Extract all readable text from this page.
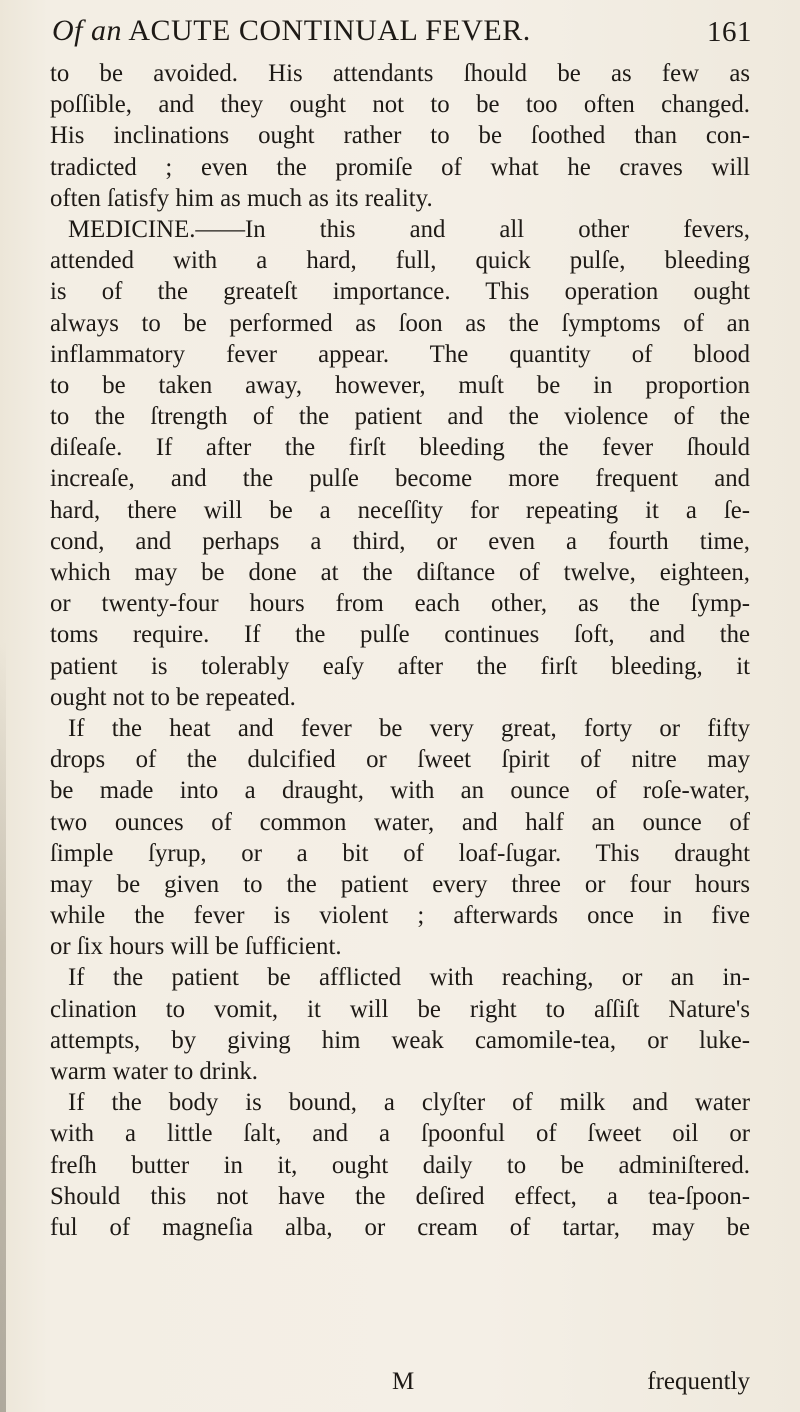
Of an ACUTE CONTINUAL FEVER.	161
to be avoided. His attendants ſhould be as few as
poſſible, and they ought not to be too often changed.
His inclinations ought rather to be ſoothed than con-
tradicted ; even the promiſe of what he craves will
often ſatisfy him as much as its reality.
MEDICINE.——In this and all other fevers,
attended with a hard, full, quick pulſe, bleeding
is of the greateſt importance. This operation ought
always to be performed as ſoon as the ſymptoms of an
inflammatory fever appear. The quantity of blood
to be taken away, however, muſt be in proportion
to the ſtrength of the patient and the violence of the
diſeaſe. If after the firſt bleeding the fever ſhould
increaſe, and the pulſe become more frequent and
hard, there will be a neceſſity for repeating it a ſe-
cond, and perhaps a third, or even a fourth time,
which may be done at the diſtance of twelve, eighteen,
or twenty-four hours from each other, as the ſymp-
toms require. If the pulſe continues ſoft, and the
patient is tolerably eaſy after the firſt bleeding, it
ought not to be repeated.
If the heat and fever be very great, forty or fifty
drops of the dulcified or ſweet ſpirit of nitre may
be made into a draught, with an ounce of roſe-water,
two ounces of common water, and half an ounce of
ſimple ſyrup, or a bit of loaf-ſugar. This draught
may be given to the patient every three or four hours
while the fever is violent ; afterwards once in five
or ſix hours will be ſufficient.
If the patient be afflicted with reaching, or an in-
clination to vomit, it will be right to aſſiſt Nature's
attempts, by giving him weak camomile-tea, or luke-
warm water to drink.
If the body is bound, a clyſter of milk and water
with a little ſalt, and a ſpoonful of ſweet oil or
freſh butter in it, ought daily to be adminiſtered.
Should this not have the deſired effect, a tea-ſpoon-
ful of magneſia alba, or cream of tartar, may be
M	frequently
